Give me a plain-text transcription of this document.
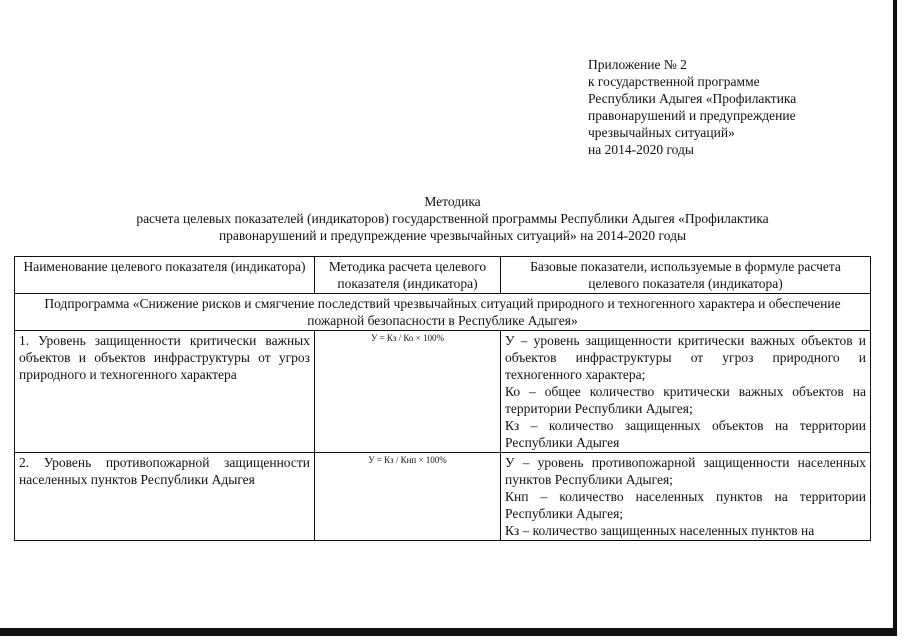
Приложение № 2
к государственной программе
Республики Адыгея «Профилактика
правонарушений и предупреждение
чрезвычайных ситуаций»
на 2014-2020 годы
Методика
расчета целевых показателей (индикаторов) государственной программы Республики Адыгея «Профилактика
правонарушений и предупреждение чрезвычайных ситуаций» на 2014-2020 годы
Наименование целевого показателя (индикатора)	Методика расчета целевого показателя (индикатора)	Базовые показатели, используемые в формуле расчета целевого показателя (индикатора)
Подпрограмма «Снижение рисков и смягчение последствий чрезвычайных ситуаций природного и техногенного характера и обеспечение пожарной безопасности в Республике Адыгея»		
1. Уровень защищенности критически важных объектов и объектов инфраструктуры от угроз природного и техногенного характера	У = Кз / Ко × 100%	У – уровень защищенности критически важных объектов и объектов инфраструктуры от угроз природного и техногенного характера;
Ко – общее количество критически важных объектов на территории Республики Адыгея;
Кз – количество защищенных объектов на территории Республики Адыгея

2. Уровень противопожарной защищенности населенных пунктов Республики Адыгея	У = Кз / Кнп × 100%	У – уровень противопожарной защищенности населенных пунктов Республики Адыгея;
Кнп – количество населенных пунктов на территории Республики Адыгея;
Кз – количество защищенных населенных пунктов на
